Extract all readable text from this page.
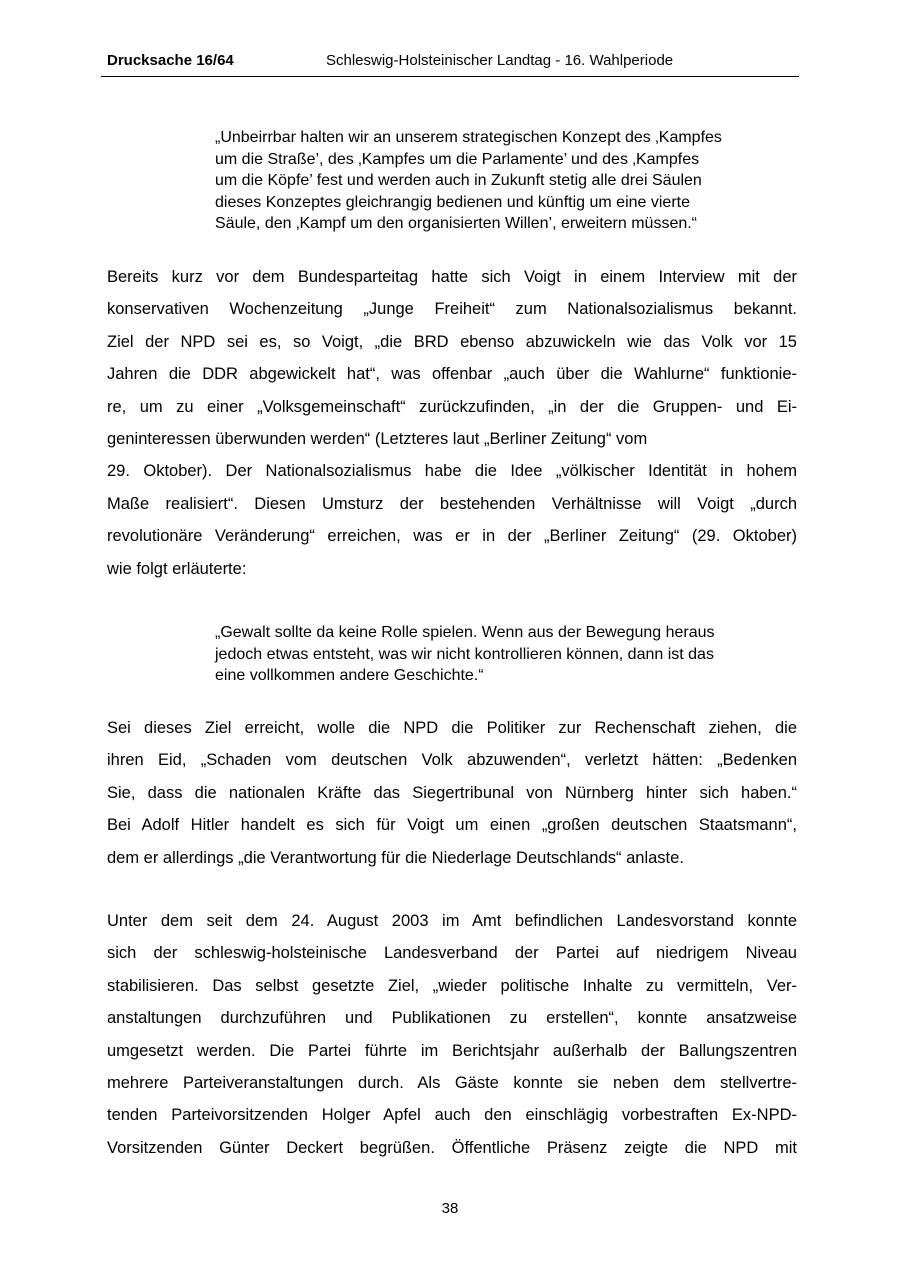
Drucksache 16/64	Schleswig-Holsteinischer Landtag - 16. Wahlperiode
„Unbeirrbar halten wir an unserem strategischen Konzept des ‚Kampfes
um die Straße’, des ‚Kampfes um die Parlamente’ und des ‚Kampfes
um die Köpfe’ fest und werden auch in Zukunft stetig alle drei Säulen
dieses Konzeptes gleichrangig bedienen und künftig um eine vierte
Säule, den ‚Kampf um den organisierten Willen’, erweitern müssen.“
Bereits kurz vor dem Bundesparteitag hatte sich Voigt in einem Interview mit der
konservativen Wochenzeitung „Junge Freiheit“ zum Nationalsozialismus bekannt.
Ziel der NPD sei es, so Voigt, „die BRD ebenso abzuwickeln wie das Volk vor 15
Jahren die DDR abgewickelt hat“, was offenbar „auch über die Wahlurne“ funktionie-
re, um zu einer „Volksgemeinschaft“ zurückzufinden, „in der die Gruppen- und Ei-
geninteressen überwunden werden“ (Letzteres laut „Berliner Zeitung“ vom
29. Oktober). Der Nationalsozialismus habe die Idee „völkischer Identität in hohem
Maße realisiert“. Diesen Umsturz der bestehenden Verhältnisse will Voigt „durch
revolutionäre Veränderung“ erreichen, was er in der „Berliner Zeitung“ (29. Oktober)
wie folgt erläuterte:
„Gewalt sollte da keine Rolle spielen. Wenn aus der Bewegung heraus
jedoch etwas entsteht, was wir nicht kontrollieren können, dann ist das
eine vollkommen andere Geschichte.“
Sei dieses Ziel erreicht, wolle die NPD die Politiker zur Rechenschaft ziehen, die
ihren Eid, „Schaden vom deutschen Volk abzuwenden“, verletzt hätten: „Bedenken
Sie, dass die nationalen Kräfte das Siegertribunal von Nürnberg hinter sich haben.“
Bei Adolf Hitler handelt es sich für Voigt um einen „großen deutschen Staatsmann“,
dem er allerdings „die Verantwortung für die Niederlage Deutschlands“ anlaste.
Unter dem seit dem 24. August 2003 im Amt befindlichen Landesvorstand konnte
sich der schleswig-holsteinische Landesverband der Partei auf niedrigem Niveau
stabilisieren. Das selbst gesetzte Ziel, „wieder politische Inhalte zu vermitteln, Ver-
anstaltungen durchzuführen und Publikationen zu erstellen“, konnte ansatzweise
umgesetzt werden. Die Partei führte im Berichtsjahr außerhalb der Ballungszentren
mehrere Parteiveranstaltungen durch. Als Gäste konnte sie neben dem stellvertre-
tenden Parteivorsitzenden Holger Apfel auch den einschlägig vorbestraften Ex-NPD-
Vorsitzenden Günter Deckert begrüßen. Öffentliche Präsenz zeigte die NPD mit
38
